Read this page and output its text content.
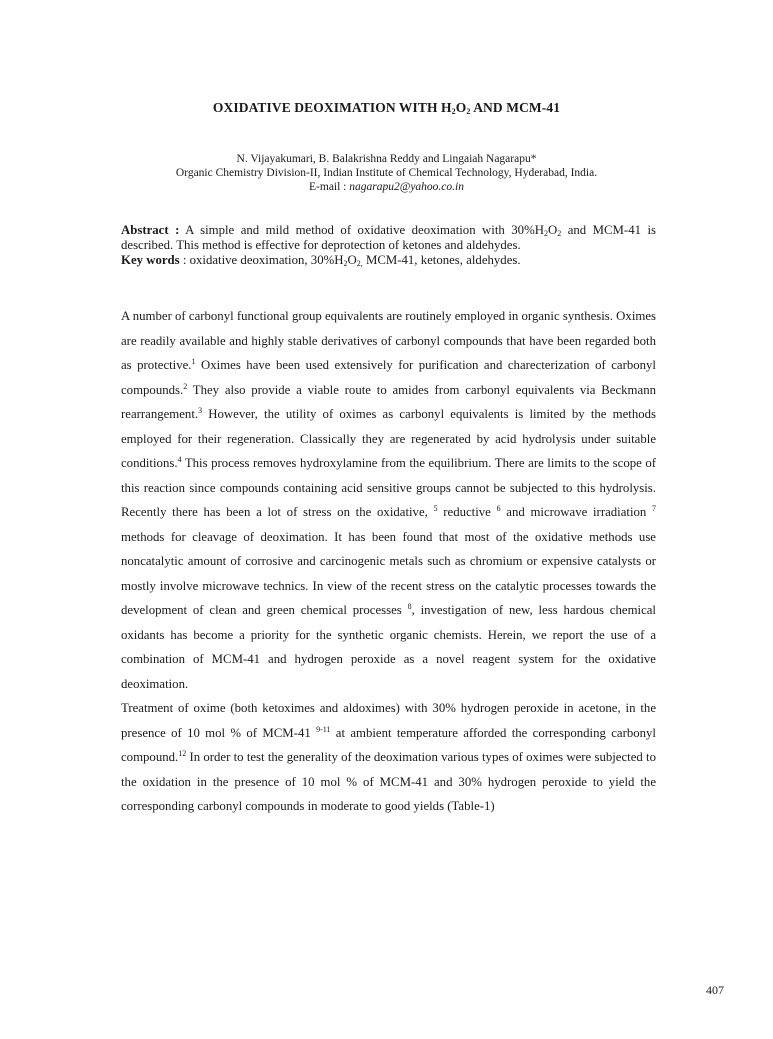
OXIDATIVE DEOXIMATION WITH $H_2O_2$ AND MCM-41
N. Vijayakumari, B. Balakrishna Reddy and Lingaiah Nagarapu*
Organic Chemistry Division-II, Indian Institute of Chemical Technology, Hyderabad, India.
E-mail : nagarapu2@yahoo.co.in
Abstract : A simple and mild method of oxidative deoximation with $30\%H_2O_2$ and MCM-41 is described. This method is effective for deprotection of ketones and aldehydes.
Key words : oxidative deoximation, $30\%H_2O_{2,}$ MCM-41, ketones, aldehydes.

A number of carbonyl functional group equivalents are routinely employed in organic synthesis. Oximes are readily available and highly stable derivatives of carbonyl compounds that have been regarded both as protective.$^1$ Oximes have been used extensively for purification and charecterization of carbonyl compounds.$^2$ They also provide a viable route to amides from carbonyl equivalents via Beckmann rearrangement.$^3$ However, the utility of oximes as carbonyl equivalents is limited by the methods employed for their regeneration. Classically they are regenerated by acid hydrolysis under suitable conditions.$^4$ This process removes hydroxylamine from the equilibrium. There are limits to the scope of this reaction since compounds containing acid sensitive groups cannot be subjected to this hydrolysis. Recently there has been a lot of stress on the oxidative, $^5$ reductive $^6$ and microwave irradiation $^7$ methods for cleavage of deoximation. It has been found that most of the oxidative methods use noncatalytic amount of corrosive and carcinogenic metals such as chromium or expensive catalysts or mostly involve microwave technics. In view of the recent stress on the catalytic processes towards the development of clean and green chemical processes $^8$, investigation of new, less hardous chemical oxidants has become a priority for the synthetic organic chemists. Herein, we report the use of a combination of MCM-41 and hydrogen peroxide as a novel reagent system for the oxidative deoximation.

Treatment of oxime (both ketoximes and aldoximes) with 30% hydrogen peroxide in acetone, in the presence of 10 mol % of MCM-41 $^{9-11}$ at ambient temperature afforded the corresponding carbonyl compound.$^{12}$ In order to test the generality of the deoximation various types of oximes were subjected to the oxidation in the presence of 10 mol % of MCM-41 and 30% hydrogen peroxide to yield the corresponding carbonyl compounds in moderate to good yields (Table-1)

407
